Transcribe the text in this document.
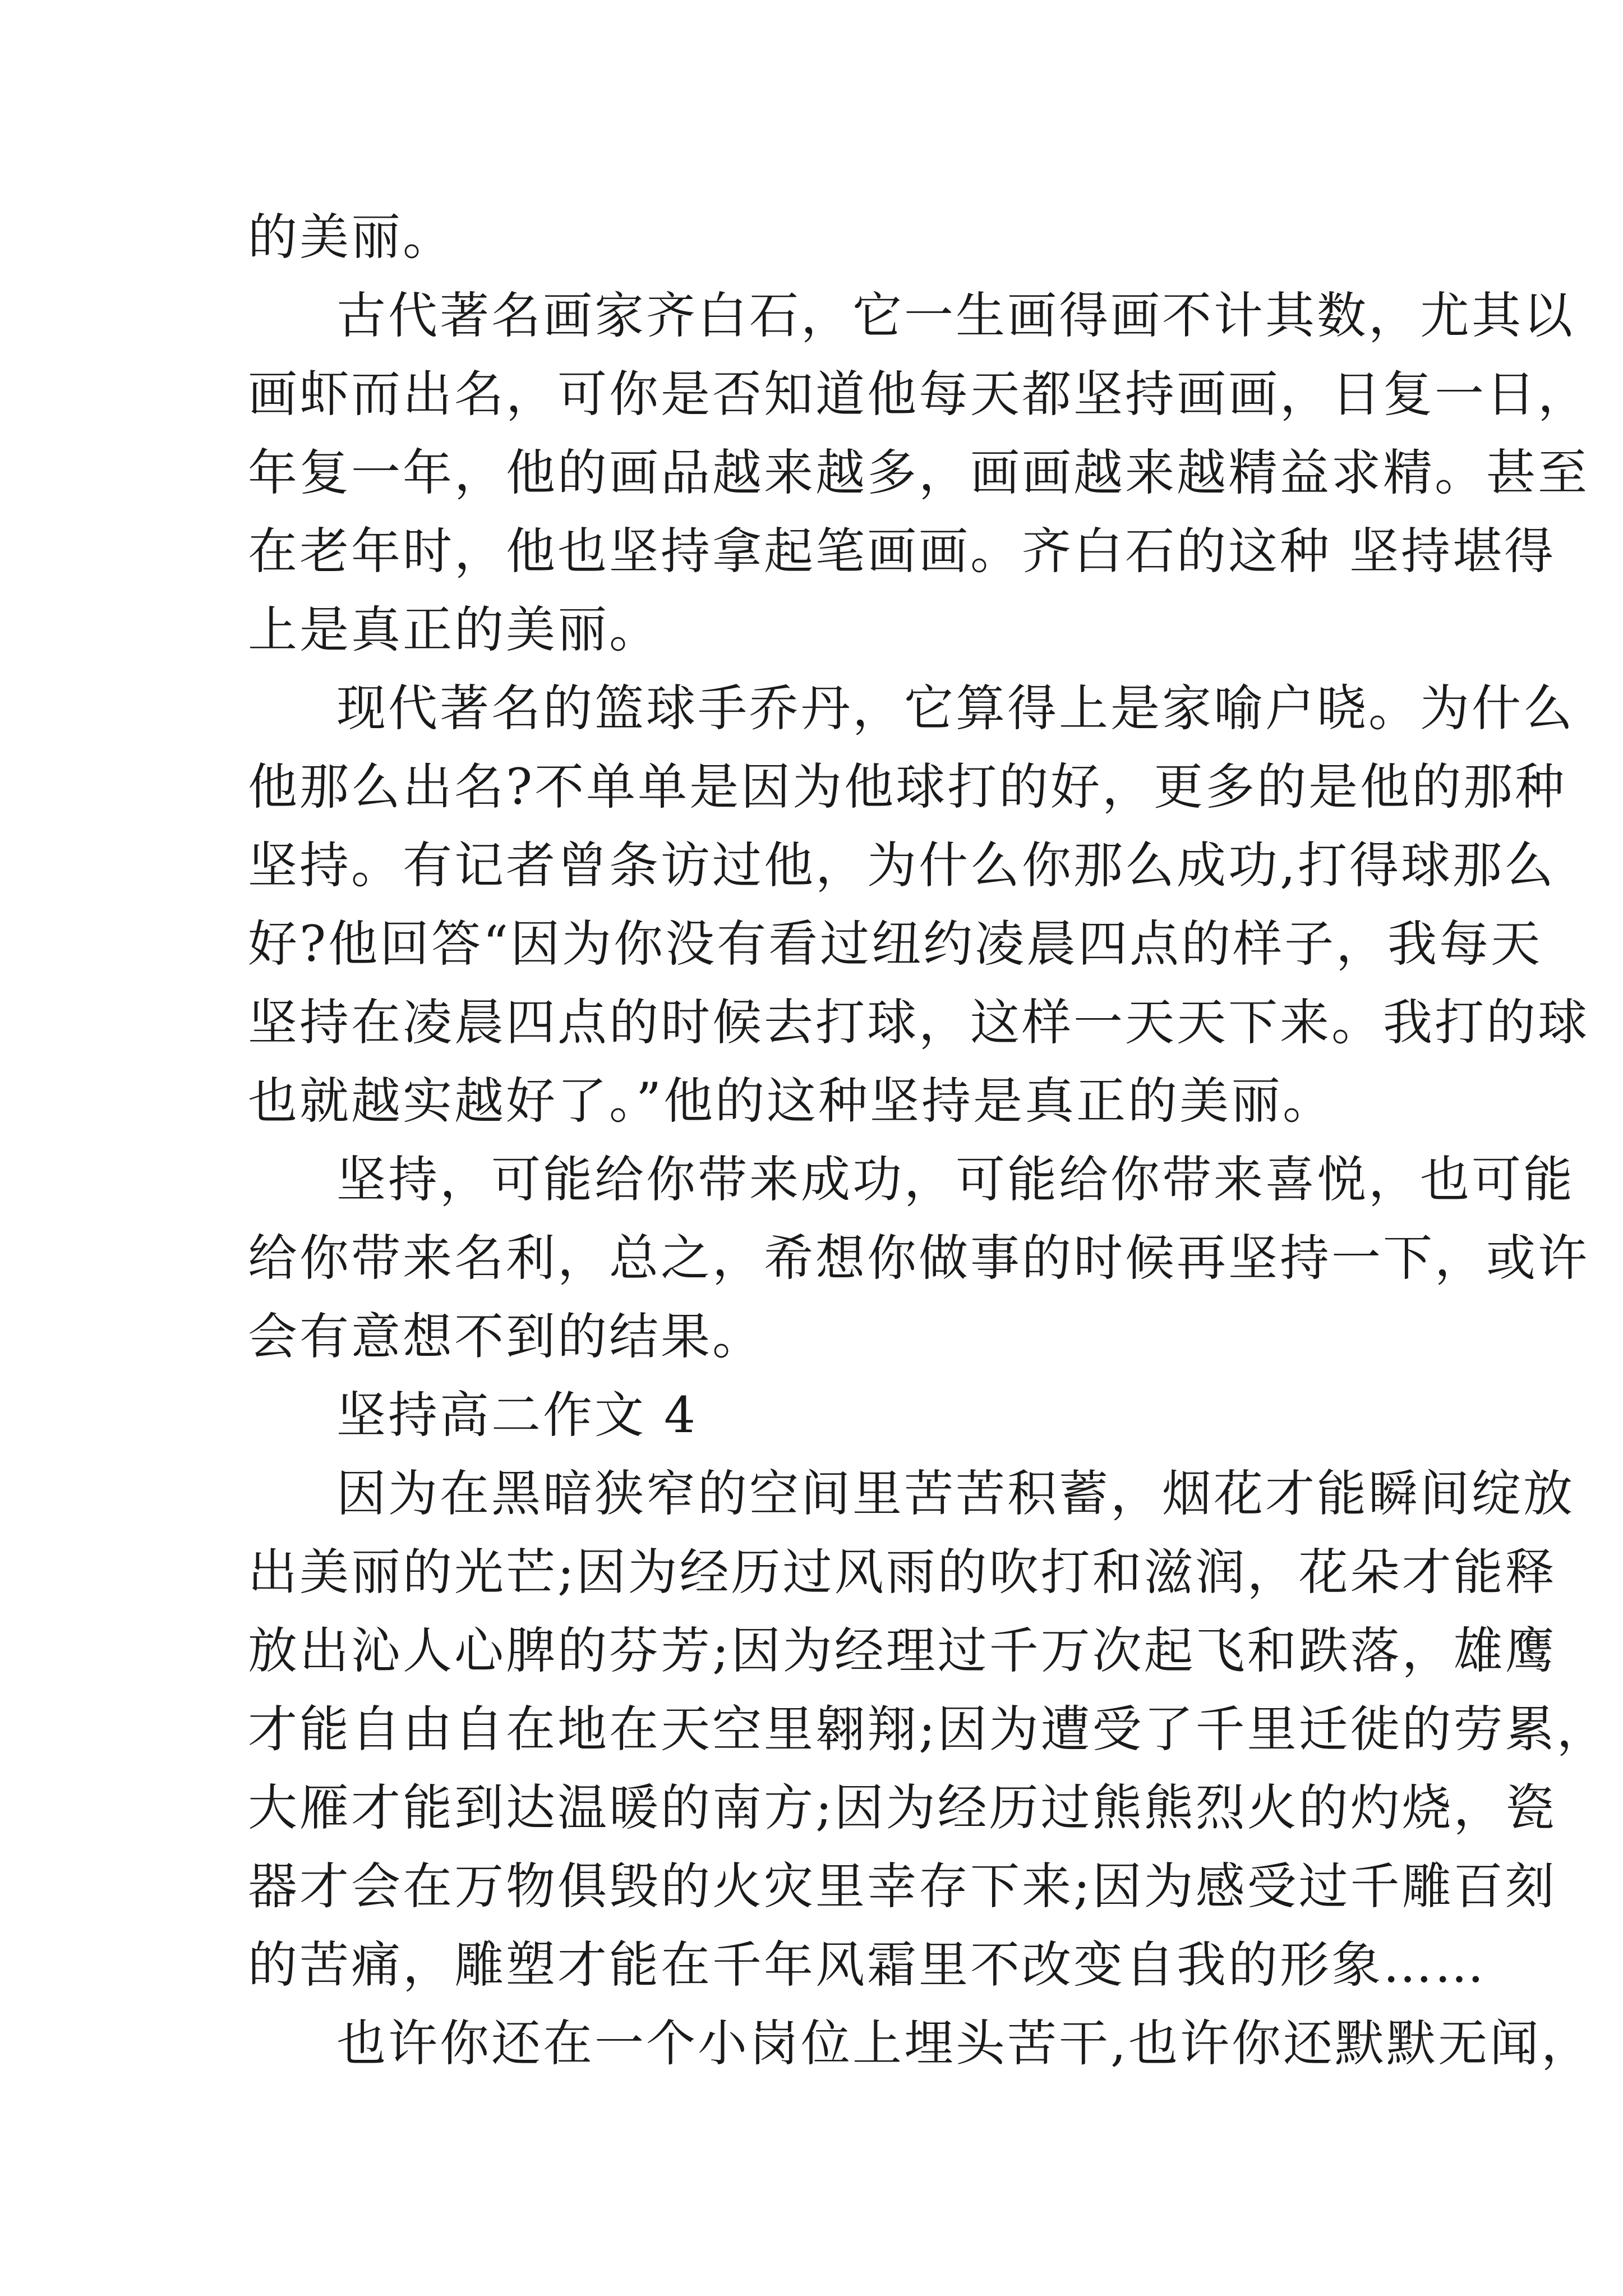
的美丽。
古代著名画家齐白石，它一生画得画不计其数，尤其以
画虾而出名，可你是否知道他每天都坚持画画，日复一日，
年复一年，他的画品越来越多，画画越来越精益求精。甚至
在老年时，他也坚持拿起笔画画。齐白石的这种 坚持堪得
上是真正的美丽。
现代著名的篮球手乔丹，它算得上是家喻户晓。为什么
他那么出名?不单单是因为他球打的好，更多的是他的那种
坚持。有记者曾条访过他，为什么你那么成功,打得球那么
好?他回答“因为你没有看过纽约凌晨四点的样子，我每天
坚持在凌晨四点的时候去打球，这样一天天下来。我打的球
也就越实越好了。”他的这种坚持是真正的美丽。
坚持，可能给你带来成功，可能给你带来喜悦，也可能
给你带来名利，总之，希想你做事的时候再坚持一下，或许
会有意想不到的结果。
坚持高二作文 4
因为在黑暗狭窄的空间里苦苦积蓄，烟花才能瞬间绽放
出美丽的光芒;因为经历过风雨的吹打和滋润，花朵才能释
放出沁人心脾的芬芳;因为经理过千万次起飞和跌落，雄鹰
才能自由自在地在天空里翱翔;因为遭受了千里迁徙的劳累，
大雁才能到达温暖的南方;因为经历过熊熊烈火的灼烧，瓷
器才会在万物俱毁的火灾里幸存下来;因为感受过千雕百刻
的苦痛，雕塑才能在千年风霜里不改变自我的形象……
也许你还在一个小岗位上埋头苦干,也许你还默默无闻，
